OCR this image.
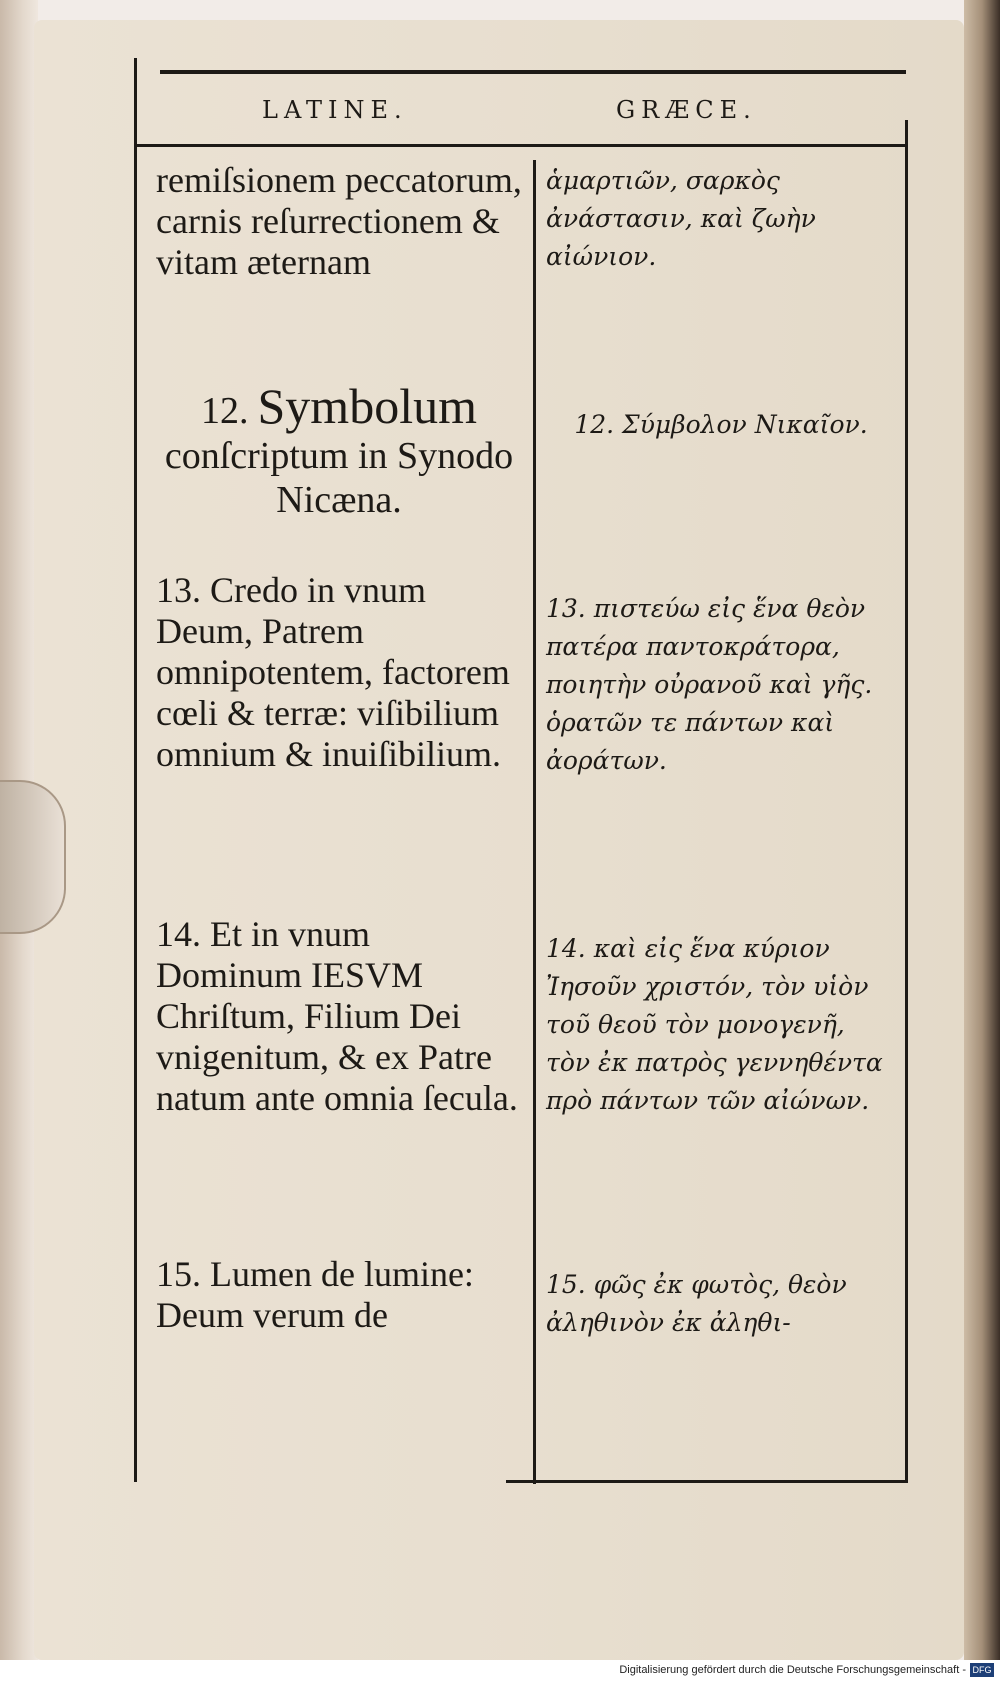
LATINE.	GRÆCE.
remiſsionem peccatorum, carnis reſurrectionem & vitam æternam
12. Symbolum
conſcriptum in Synodo Nicæna.
13. Credo in vnum Deum, Patrem omnipotentem, factorem cœli & terræ: viſibilium omnium & inuiſibilium.
14. Et in vnum Dominum IESVM Chriſtum, Filium Dei vnigenitum, & ex Patre natum ante omnia ſecula.
15. Lumen de lumine: Deum verum de
ἁμαρτιῶν, σαρκὸς ἀνάστασιν, καὶ ζωὴν αἰώνιον.
12. Σύμβολον Νικαῖον.
13. πιστεύω εἰς ἕνα θεὸν πατέρα παντοκράτορα, ποιητὴν οὐρανοῦ καὶ γῆς. ὁρατῶν τε πάντων καὶ ἀοράτων.
14. καὶ εἰς ἕνα κύριον Ἰησοῦν χριστόν, τὸν υἱὸν τοῦ θεοῦ τὸν μονογενῆ, τὸν ἐκ πατρὸς γεννηθέντα πρὸ πάντων τῶν αἰώνων.
15. φῶς ἐκ φωτὸς, θεὸν ἀληθινὸν ἐκ ἀληθι-
Digitalisierung gefördert durch die Deutsche Forschungsgemeinschaft - DFG
